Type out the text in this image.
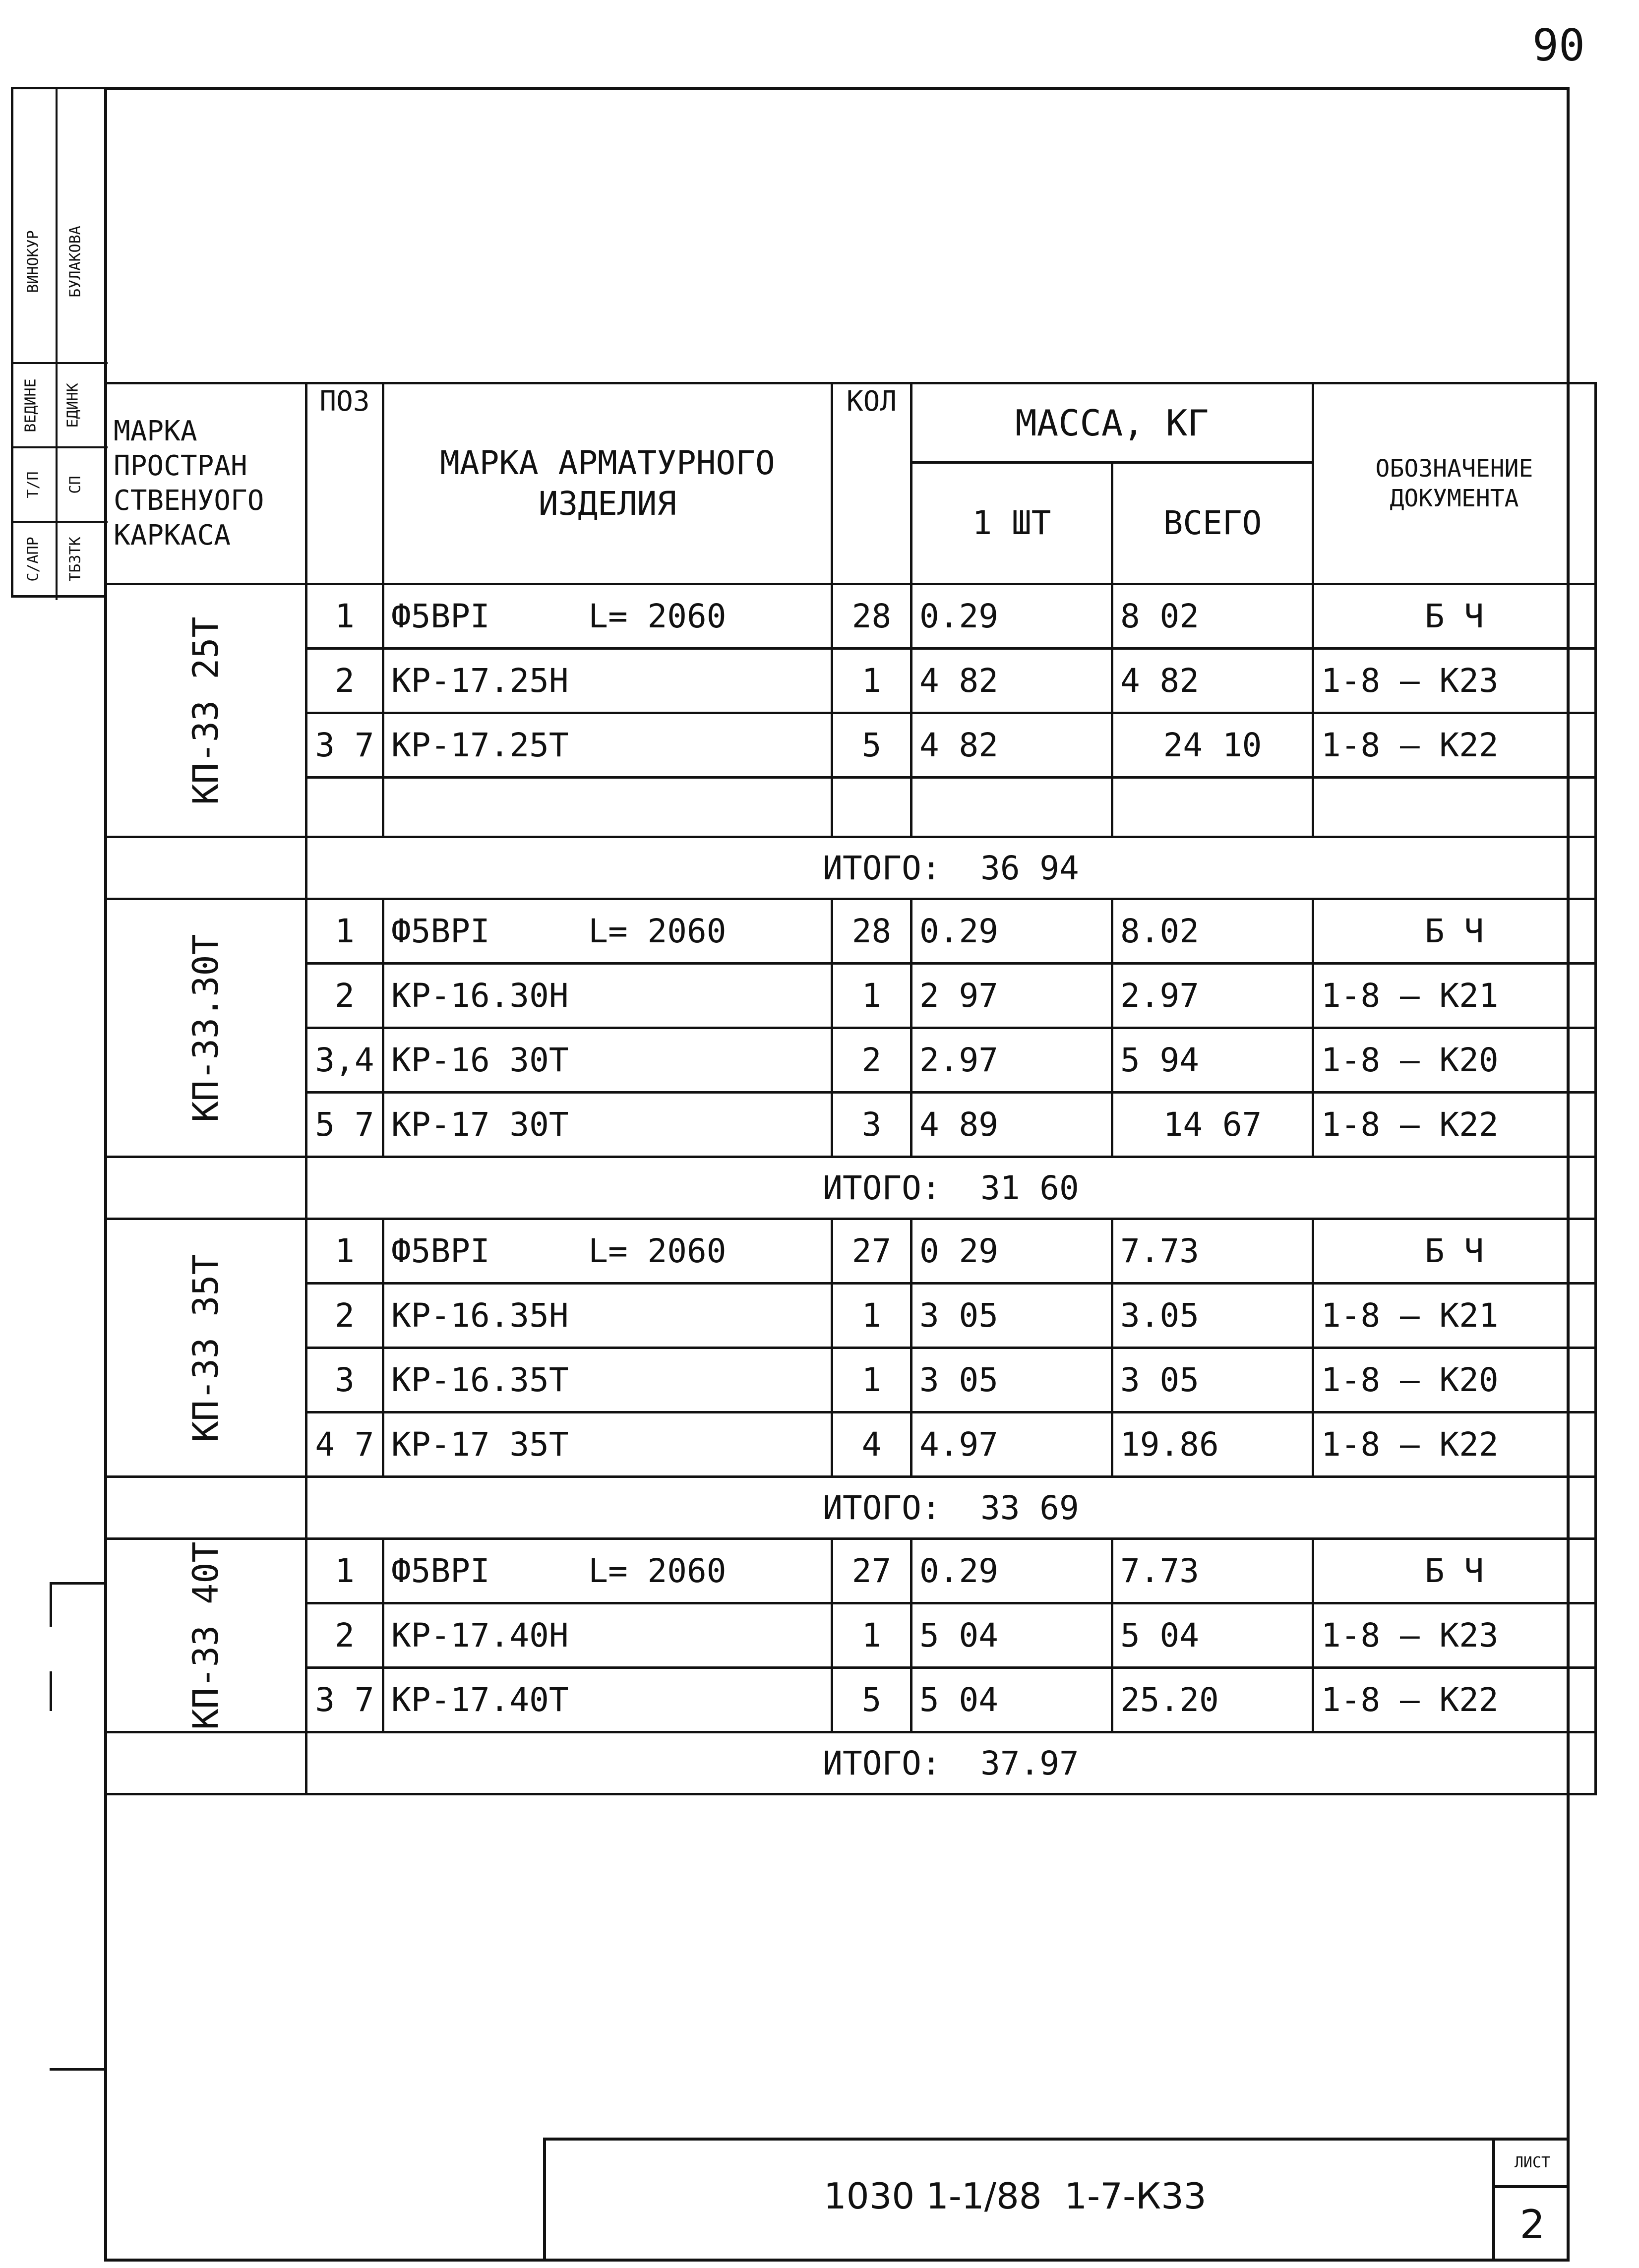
90
ВИНОКУР БУЛАКОВА
ВЕДИНЕ ЕДИНК
Т/П СП
С/АПР ТБЗТК
МАРКА ПРОСТРАН СТВЕНУОГО КАРКАСА	ПОЗ	МАРКА АРМАТУРНОГО ИЗДЕЛИЯ	КОЛ	МАССА, КГ		ОБОЗНАЧЕНИЕ ДОКУМЕНТА
				1 ШТ	ВСЕГО	

КП-33 25Т	1	Ф5ВРI     L= 2060	28	0.29	8 02	Б Ч
	2	КР-17.25Н	1	4 82	4 82	1-8 — К23
	3 7	КР-17.25Т	5	4 82	24 10	1-8 — К22

	ИТОГО:  36 94					

КП-33.30Т	1	Ф5ВРI     L= 2060	28	0.29	8.02	Б Ч
	2	КР-16.30Н	1	2 97	2.97	1-8 — К21
	3,4	КР-16 30Т	2	2.97	5 94	1-8 — К20
	5 7	КР-17 30Т	3	4 89	14 67	1-8 — К22
	ИТОГО:  31 60					

КП-33 35Т	1	Ф5ВРI     L= 2060	27	0 29	7.73	Б Ч
	2	КР-16.35Н	1	3 05	3.05	1-8 — К21
	3	КР-16.35Т	1	3 05	3 05	1-8 — К20
	4 7	КР-17 35Т	4	4.97	19.86	1-8 — К22
	ИТОГО:  33 69					

КП-33 40Т	1	Ф5ВРI     L= 2060	27	0.29	7.73	Б Ч
	2	КР-17.40Н	1	5 04	5 04	1-8 — К23
	3 7	КР-17.40Т	5	5 04	25.20	1-8 — К22
	ИТОГО:  37.97					
1030 1-1/88  1-7-К33
ЛИСТ
2
